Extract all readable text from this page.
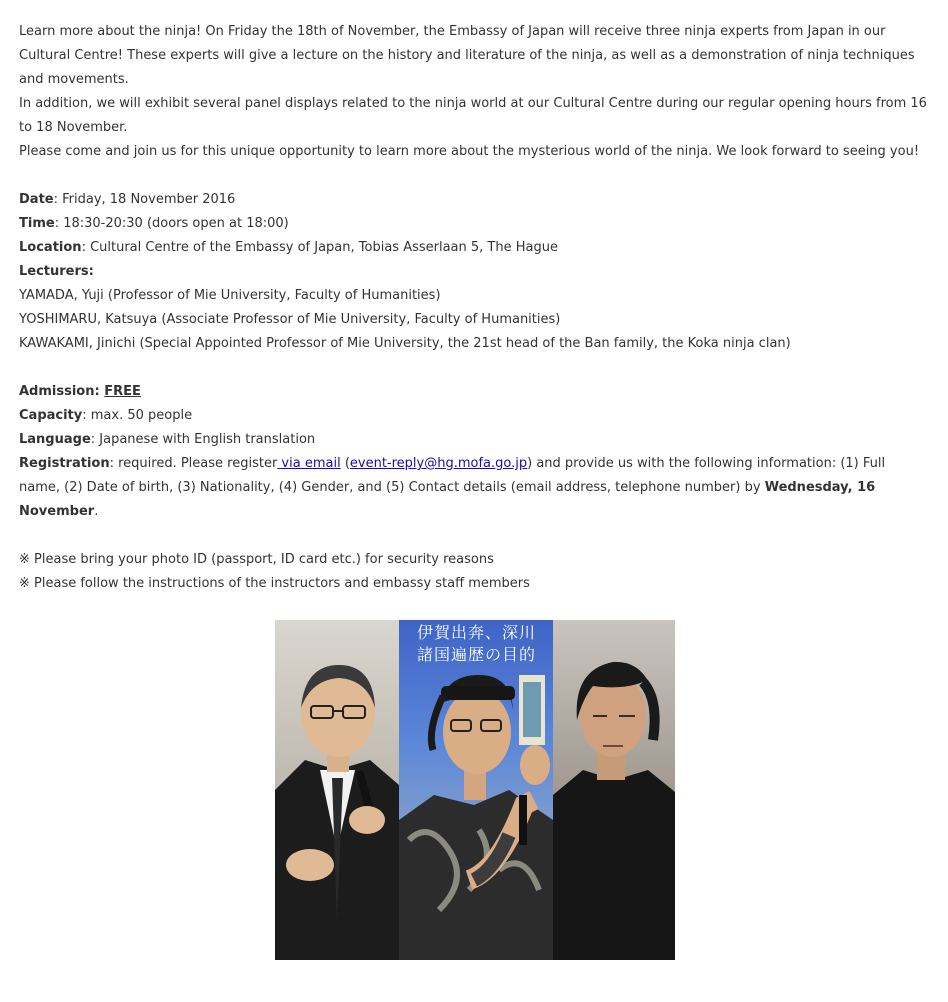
Learn more about the ninja! On Friday the 18th of November, the Embassy of Japan will receive three ninja experts from Japan in our Cultural Centre! These experts will give a lecture on the history and literature of the ninja, as well as a demonstration of ninja techniques and movements.

In addition, we will exhibit several panel displays related to the ninja world at our Cultural Centre during our regular opening hours from 16 to 18 November.

Please come and join us for this unique opportunity to learn more about the mysterious world of the ninja. We look forward to seeing you!

Date: Friday, 18 November 2016

Time: 18:30-20:30 (doors open at 18:00)

Location: Cultural Centre of the Embassy of Japan, Tobias Asserlaan 5, The Hague

Lecturers:

YAMADA, Yuji (Professor of Mie University, Faculty of Humanities)

YOSHIMARU, Katsuya (Associate Professor of Mie University, Faculty of Humanities)

KAWAKAMI, Jinichi (Special Appointed Professor of Mie University, the 21st head of the Ban family, the Koka ninja clan)

Admission: FREE

Capacity: max. 50 people

Language: Japanese with English translation

Registration: required. Please register via email (event-reply@hg.mofa.go.jp) and provide us with the following information: (1) Full name, (2) Date of birth, (3) Nationality, (4) Gender, and (5) Contact details (email address, telephone number) by Wednesday, 16 November.

※ Please bring your photo ID (passport, ID card etc.) for security reasons

※ Please follow the instructions of the instructors and embassy staff members

伊賀出奔、深川
諸国遍歴の目的
